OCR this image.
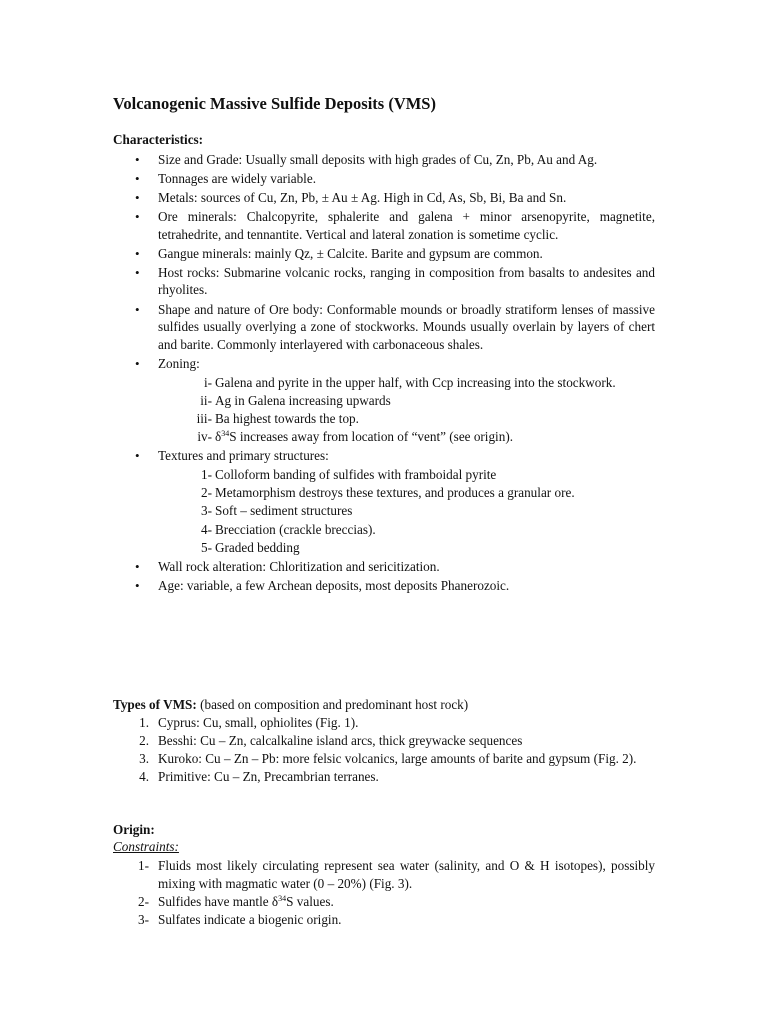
Volcanogenic Massive Sulfide Deposits (VMS)
Characteristics:
• Size and Grade: Usually small deposits with high grades of Cu, Zn, Pb, Au and Ag.
• Tonnages are widely variable.
• Metals: sources of Cu, Zn, Pb, ± Au ± Ag. High in Cd, As, Sb, Bi, Ba and Sn.
• Ore minerals: Chalcopyrite, sphalerite and galena + minor arsenopyrite, magnetite, tetrahedrite, and tennantite. Vertical and lateral zonation is sometime cyclic.
• Gangue minerals: mainly Qz, ± Calcite. Barite and gypsum are common.
• Host rocks: Submarine volcanic rocks, ranging in composition from basalts to andesites and rhyolites.
• Shape and nature of Ore body: Conformable mounds or broadly stratiform lenses of massive sulfides usually overlying a zone of stockworks. Mounds usually overlain by layers of chert and barite. Commonly interlayered with carbonaceous shales.
• Zoning:
i- Galena and pyrite in the upper half, with Ccp increasing into the stockwork.
ii- Ag in Galena increasing upwards
iii- Ba highest towards the top.
iv- $\delta^{34}S$ increases away from location of “vent” (see origin).
• Textures and primary structures:
1- Colloform banding of sulfides with framboidal pyrite
2- Metamorphism destroys these textures, and produces a granular ore.
3- Soft – sediment structures
4- Brecciation (crackle breccias).
5- Graded bedding
• Wall rock alteration: Chloritization and sericitization.
• Age: variable, a few Archean deposits, most deposits Phanerozoic.
Types of VMS: (based on composition and predominant host rock)
1. Cyprus: Cu, small, ophiolites (Fig. 1).
2. Besshi: Cu – Zn, calcalkaline island arcs, thick greywacke sequences
3. Kuroko: Cu – Zn – Pb: more felsic volcanics, large amounts of barite and gypsum (Fig. 2).
4. Primitive: Cu – Zn, Precambrian terranes.
Origin:
Constraints:
1- Fluids most likely circulating represent sea water (salinity, and O & H isotopes), possibly mixing with magmatic water (0 – 20%) (Fig. 3).
2- Sulfides have mantle $\delta^{34}S$ values.
3- Sulfates indicate a biogenic origin.
